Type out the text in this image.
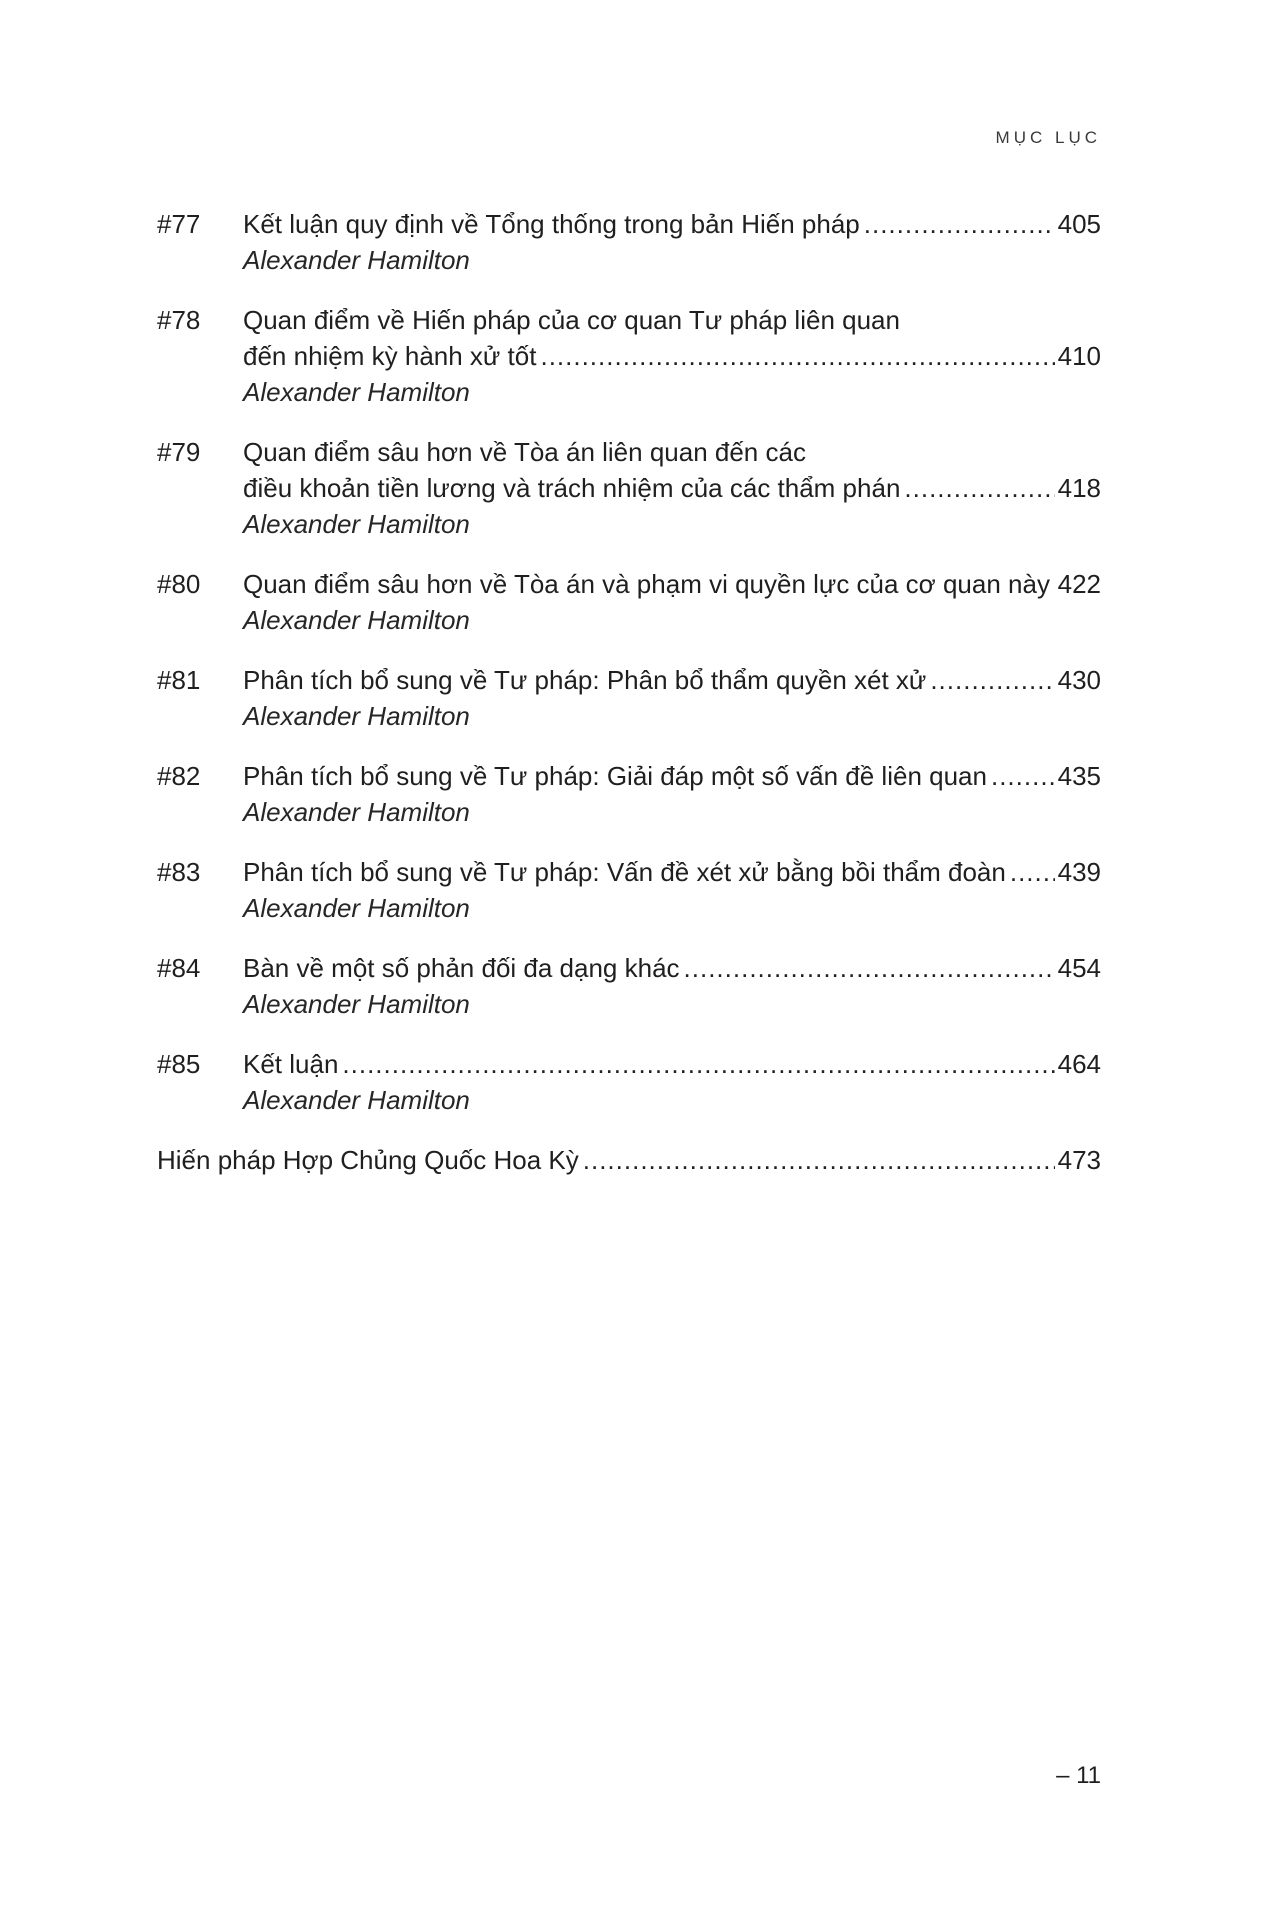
MỤC LỤC
#77 Kết luận quy định về Tổng thống trong bản Hiến pháp .....	405
Alexander Hamilton
#78 Quan điểm về Hiến pháp của cơ quan Tư pháp liên quan
đến nhiệm kỳ hành xử tốt .....	410
Alexander Hamilton
#79 Quan điểm sâu hơn về Tòa án liên quan đến các
điều khoản tiền lương và trách nhiệm của các thẩm phán .....	418
Alexander Hamilton
#80 Quan điểm sâu hơn về Tòa án và phạm vi quyền lực của cơ quan này ..... 422
Alexander Hamilton
#81 Phân tích bổ sung về Tư pháp: Phân bổ thẩm quyền xét xử .....	430
Alexander Hamilton
#82 Phân tích bổ sung về Tư pháp: Giải đáp một số vấn đề liên quan .....	435
Alexander Hamilton
#83 Phân tích bổ sung về Tư pháp: Vấn đề xét xử bằng bồi thẩm đoàn ..... 439
Alexander Hamilton
#84 Bàn về một số phản đối đa dạng khác .....	454
Alexander Hamilton
#85 Kết luận .....	464
Alexander Hamilton
Hiến pháp Hợp Chủng Quốc Hoa Kỳ .....	473
– 11
